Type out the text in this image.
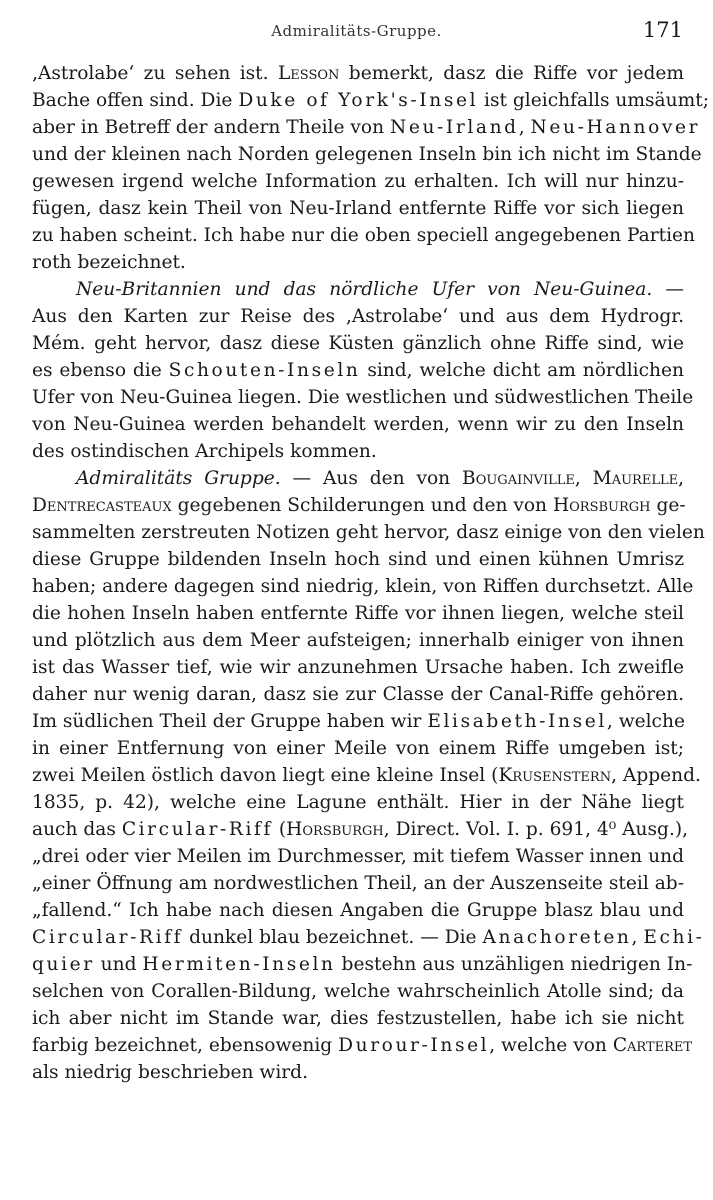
Admiralitäts-Gruppe.	171
‚Astrolabe‘ zu sehen ist. Lesson bemerkt, dasz die Riffe vor jedem
Bache offen sind. Die Duke of York's-Insel ist gleichfalls umsäumt;
aber in Betreff der andern Theile von Neu-Irland, Neu-Hannover
und der kleinen nach Norden gelegenen Inseln bin ich nicht im Stande
gewesen irgend welche Information zu erhalten. Ich will nur hinzu-
fügen, dasz kein Theil von Neu-Irland entfernte Riffe vor sich liegen
zu haben scheint. Ich habe nur die oben speciell angegebenen Partien
roth bezeichnet.
Neu-Britannien und das nördliche Ufer von Neu-Guinea. —
Aus den Karten zur Reise des ‚Astrolabe‘ und aus dem Hydrogr.
Mém. geht hervor, dasz diese Küsten gänzlich ohne Riffe sind, wie
es ebenso die Schouten-Inseln sind, welche dicht am nördlichen
Ufer von Neu-Guinea liegen. Die westlichen und südwestlichen Theile
von Neu-Guinea werden behandelt werden, wenn wir zu den Inseln
des ostindischen Archipels kommen.
Admiralitäts Gruppe. — Aus den von Bougainville, Maurelle,
Dentrecasteaux gegebenen Schilderungen und den von Horsburgh ge-
sammelten zerstreuten Notizen geht hervor, dasz einige von den vielen
diese Gruppe bildenden Inseln hoch sind und einen kühnen Umrisz
haben; andere dagegen sind niedrig, klein, von Riffen durchsetzt. Alle
die hohen Inseln haben entfernte Riffe vor ihnen liegen, welche steil
und plötzlich aus dem Meer aufsteigen; innerhalb einiger von ihnen
ist das Wasser tief, wie wir anzunehmen Ursache haben. Ich zweifle
daher nur wenig daran, dasz sie zur Classe der Canal-Riffe gehören.
Im südlichen Theil der Gruppe haben wir Elisabeth-Insel, welche
in einer Entfernung von einer Meile von einem Riffe umgeben ist;
zwei Meilen östlich davon liegt eine kleine Insel (Krusenstern, Append.
1835, p. 42), welche eine Lagune enthält. Hier in der Nähe liegt
auch das Circular-Riff (Horsburgh, Direct. Vol. I. p. 691, 4⁰ Ausg.),
„drei oder vier Meilen im Durchmesser, mit tiefem Wasser innen und
„einer Öffnung am nordwestlichen Theil, an der Auszenseite steil ab-
„fallend.“ Ich habe nach diesen Angaben die Gruppe blasz blau und
Circular-Riff dunkel blau bezeichnet. — Die Anachoreten, Echi-
quier und Hermiten-Inseln bestehn aus unzähligen niedrigen In-
selchen von Corallen-Bildung, welche wahrscheinlich Atolle sind; da
ich aber nicht im Stande war, dies festzustellen, habe ich sie nicht
farbig bezeichnet, ebensowenig Durour-Insel, welche von Carteret
als niedrig beschrieben wird.
